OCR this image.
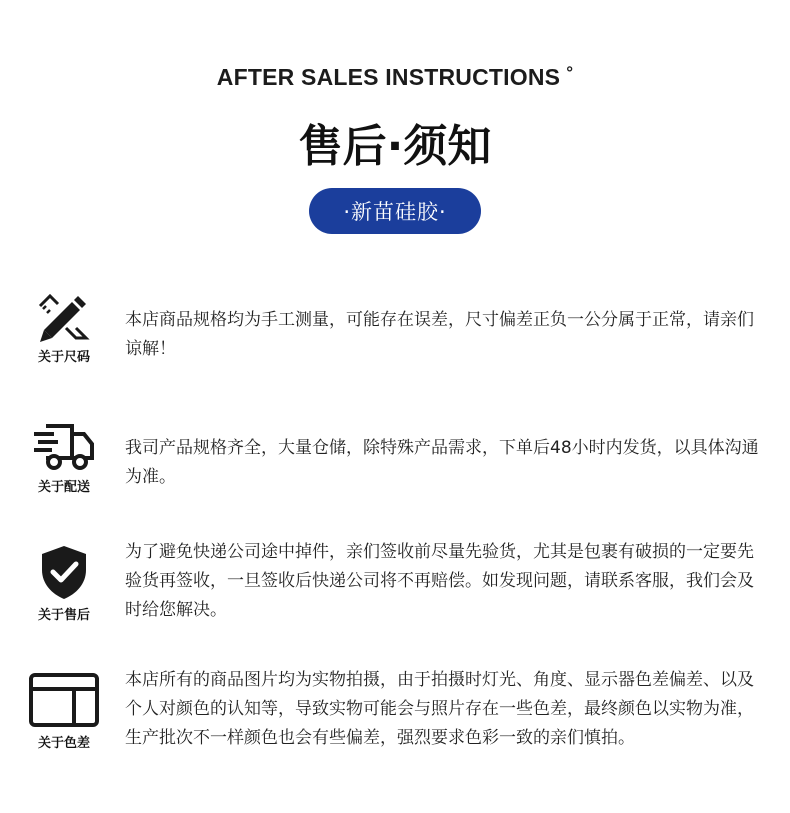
AFTER SALES INSTRUCTIONS °
售后·须知
·新苗硅胶·
关于尺码
本店商品规格均为手工测量，可能存在误差，尺寸偏差正负一公分属于正常，请亲们谅解！
关于配送
我司产品规格齐全，大量仓储，除特殊产品需求，下单后48小时内发货，以具体沟通为准。
关于售后
为了避免快递公司途中掉件，亲们签收前尽量先验货，尤其是包裹有破损的一定要先验货再签收，一旦签收后快递公司将不再赔偿。如发现问题，请联系客服，我们会及时给您解决。
关于色差
本店所有的商品图片均为实物拍摄，由于拍摄时灯光、角度、显示器色差偏差、以及个人对颜色的认知等，导致实物可能会与照片存在一些色差，最终颜色以实物为准，生产批次不一样颜色也会有些偏差，强烈要求色彩一致的亲们慎拍。
